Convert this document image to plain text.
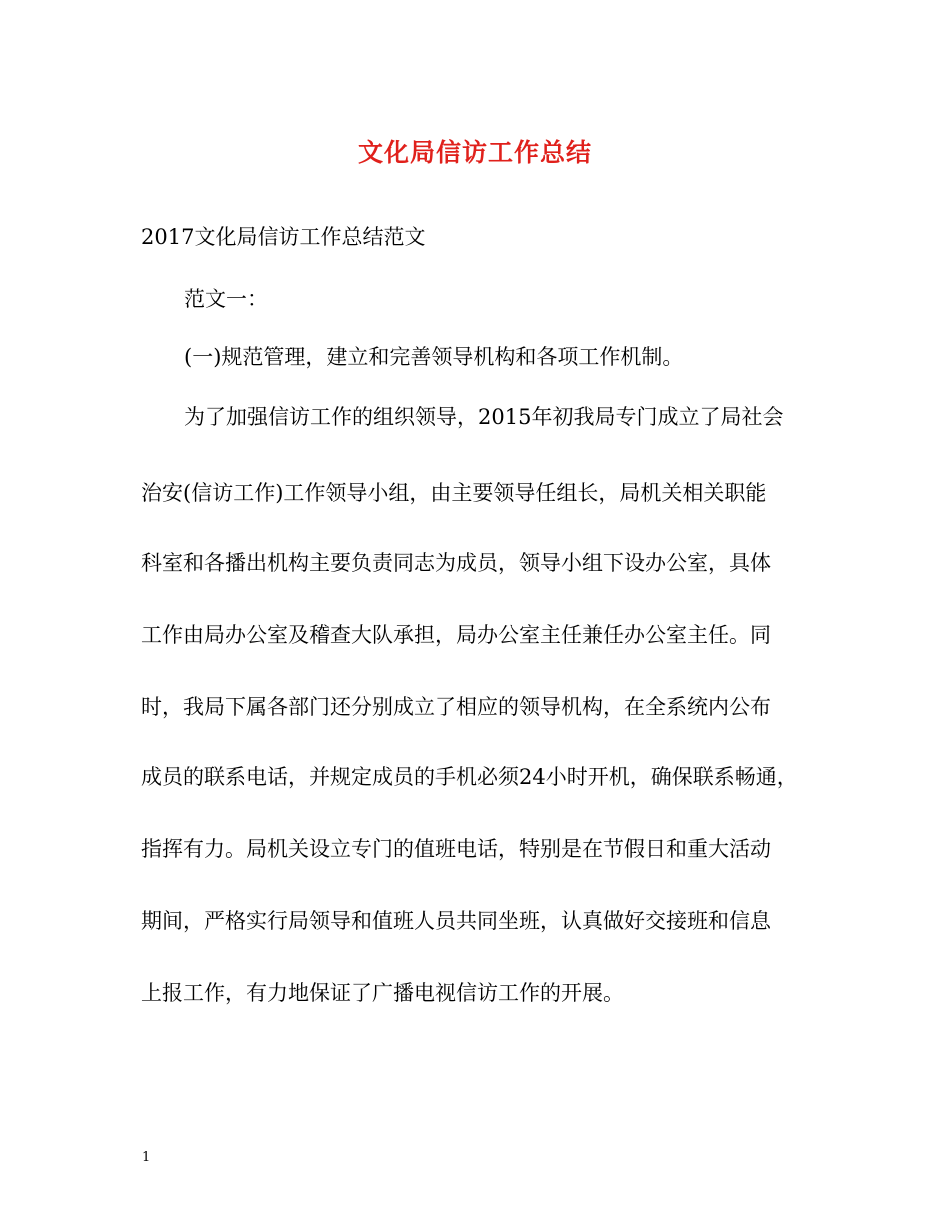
文化局信访工作总结
2017文化局信访工作总结范文
范文一：
(一)规范管理，建立和完善领导机构和各项工作机制。
为了加强信访工作的组织领导，2015年初我局专门成立了局社会
治安(信访工作)工作领导小组，由主要领导任组长，局机关相关职能
科室和各播出机构主要负责同志为成员，领导小组下设办公室，具体
工作由局办公室及稽查大队承担，局办公室主任兼任办公室主任。同
时，我局下属各部门还分别成立了相应的领导机构，在全系统内公布
成员的联系电话，并规定成员的手机必须24小时开机，确保联系畅通，
指挥有力。局机关设立专门的值班电话，特别是在节假日和重大活动
期间，严格实行局领导和值班人员共同坐班，认真做好交接班和信息
上报工作，有力地保证了广播电视信访工作的开展。
1
